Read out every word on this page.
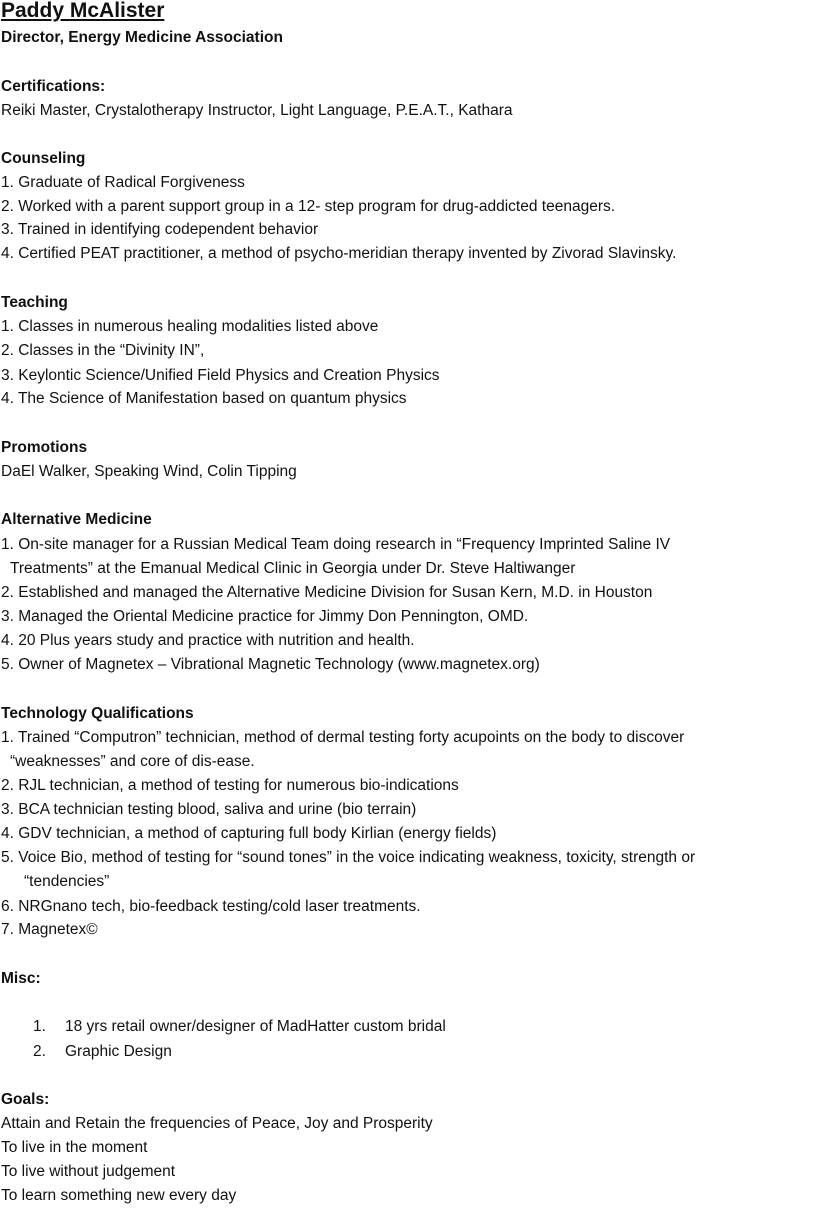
Paddy McAlister
Director, Energy Medicine Association
Certifications:
Reiki Master, Crystalotherapy Instructor, Light Language, P.E.A.T., Kathara
Counseling
1. Graduate of Radical Forgiveness
2. Worked with a parent support group in a 12- step program for drug-addicted teenagers.
3. Trained in identifying codependent behavior
4. Certified PEAT practitioner, a method of psycho-meridian therapy invented by Zivorad Slavinsky.
Teaching
1. Classes in numerous healing modalities listed above
2. Classes in the “Divinity IN”,
3. Keylontic Science/Unified Field Physics and Creation Physics
4. The Science of Manifestation based on quantum physics
Promotions
DaEl Walker, Speaking Wind, Colin Tipping
Alternative Medicine
1. On-site manager for a Russian Medical Team doing research in “Frequency Imprinted Saline IV
Treatments” at the Emanual Medical Clinic in Georgia under Dr. Steve Haltiwanger
2. Established and managed the Alternative Medicine Division for Susan Kern, M.D. in Houston
3. Managed the Oriental Medicine practice for Jimmy Don Pennington, OMD.
4. 20 Plus years study and practice with nutrition and health.
5. Owner of Magnetex – Vibrational Magnetic Technology (www.magnetex.org)
Technology Qualifications
1. Trained “Computron” technician, method of dermal testing forty acupoints on the body to discover
“weaknesses” and core of dis-ease.
2. RJL technician, a method of testing for numerous bio-indications
3. BCA technician testing blood, saliva and urine (bio terrain)
4. GDV technician, a method of capturing full body Kirlian (energy fields)
5. Voice Bio, method of testing for “sound tones” in the voice indicating weakness, toxicity, strength or
“tendencies”
6. NRGnano tech, bio-feedback testing/cold laser treatments.
7. Magnetex©
Misc:
1. 18 yrs retail owner/designer of MadHatter custom bridal
2. Graphic Design
Goals:
Attain and Retain the frequencies of Peace, Joy and Prosperity
To live in the moment
To live without judgement
To learn something new every day
